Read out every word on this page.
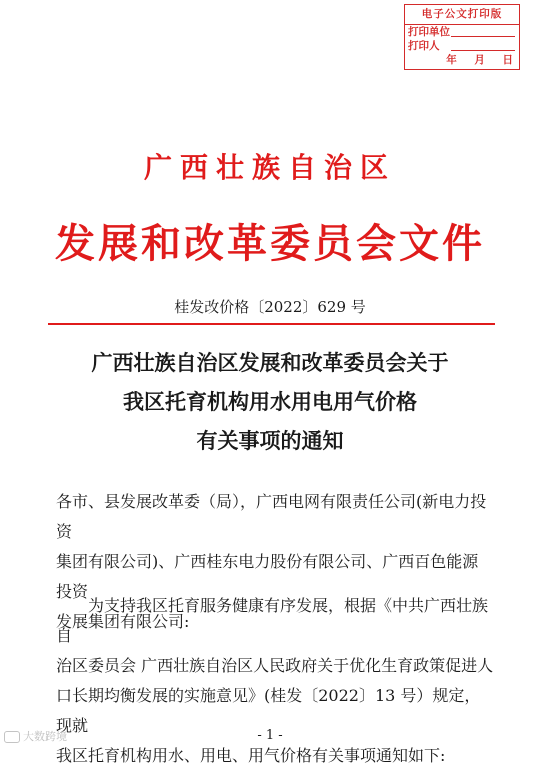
电子公文打印版
打印单位
打印人
年 月 日
广西壮族自治区
发展和改革委员会文件
桂发改价格〔2022〕629 号
广西壮族自治区发展和改革委员会关于
我区托育机构用水用电用气价格
有关事项的通知

各市、县发展改革委（局），广西电网有限责任公司(新电力投资

集团有限公司)、广西桂东电力股份有限公司、广西百色能源投资

发展集团有限公司:

为支持我区托育服务健康有序发展，根据《中共广西壮族自

治区委员会 广西壮族自治区人民政府关于优化生育政策促进人

口长期均衡发展的实施意见》(桂发〔2022〕13 号）规定，现就

我区托育机构用水、用电、用气价格有关事项通知如下:

大数跨境	- 1 -
